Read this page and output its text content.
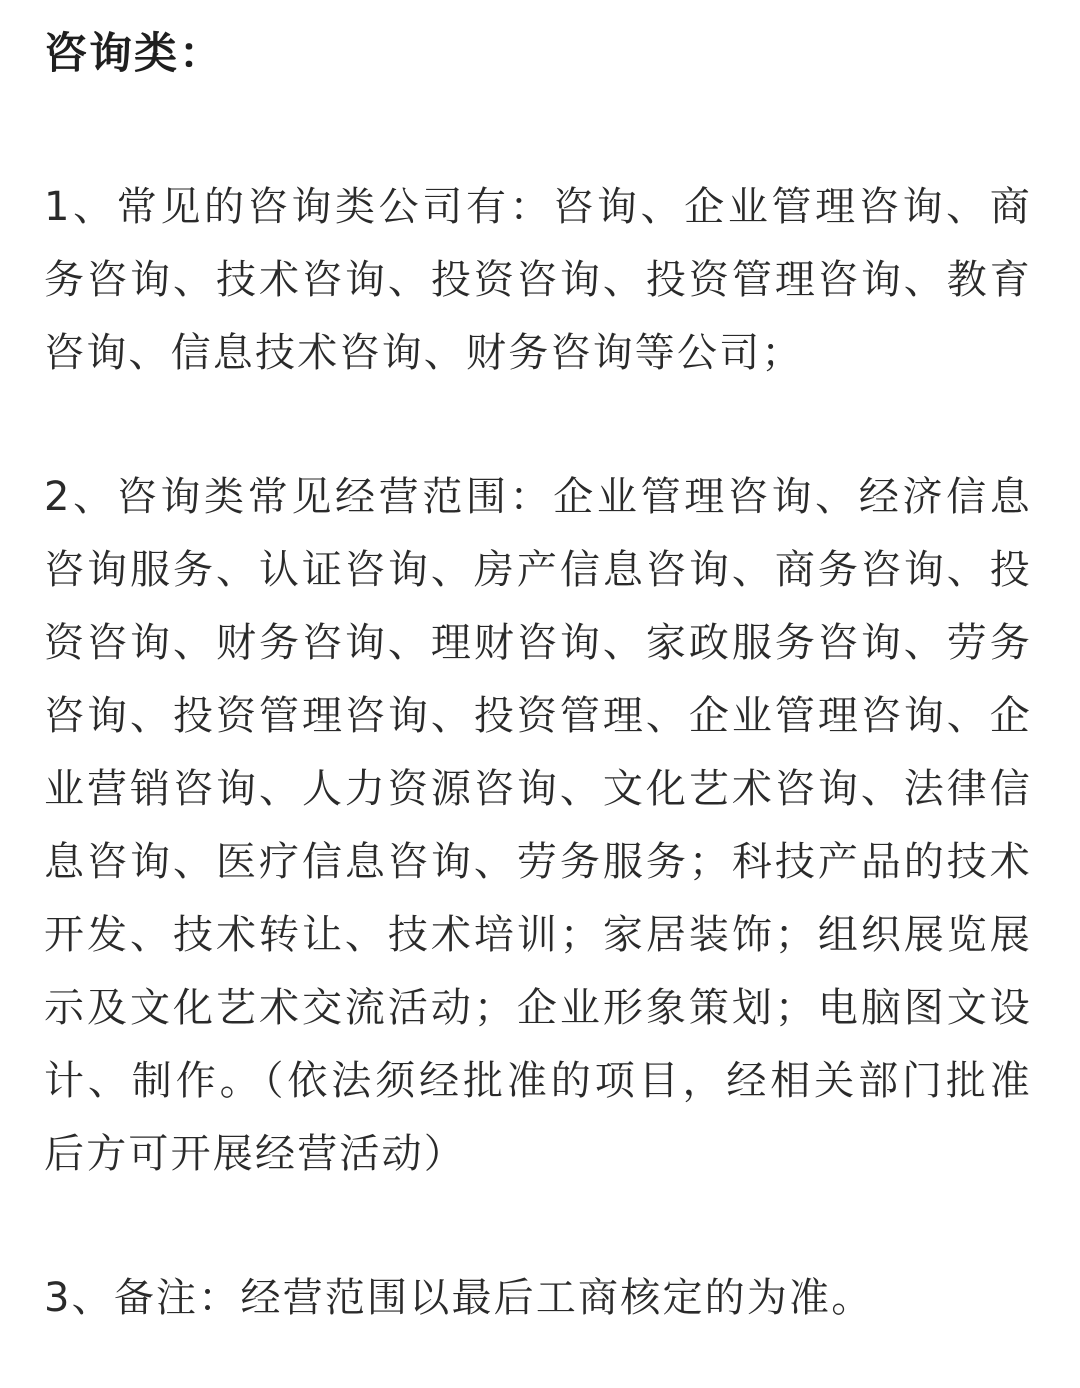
咨询类：

1、常见的咨询类公司有：咨询、企业管理咨询、商务咨询、技术咨询、投资咨询、投资管理咨询、教育咨询、信息技术咨询、财务咨询等公司；

2、咨询类常见经营范围：企业管理咨询、经济信息咨询服务、认证咨询、房产信息咨询、商务咨询、投资咨询、财务咨询、理财咨询、家政服务咨询、劳务咨询、投资管理咨询、投资管理、企业管理咨询、企业营销咨询、人力资源咨询、文化艺术咨询、法律信息咨询、医疗信息咨询、劳务服务；科技产品的技术开发、技术转让、技术培训；家居装饰；组织展览展示及文化艺术交流活动；企业形象策划；电脑图文设计、制作。（依法须经批准的项目，经相关部门批准后方可开展经营活动）

3、备注：经营范围以最后工商核定的为准。
